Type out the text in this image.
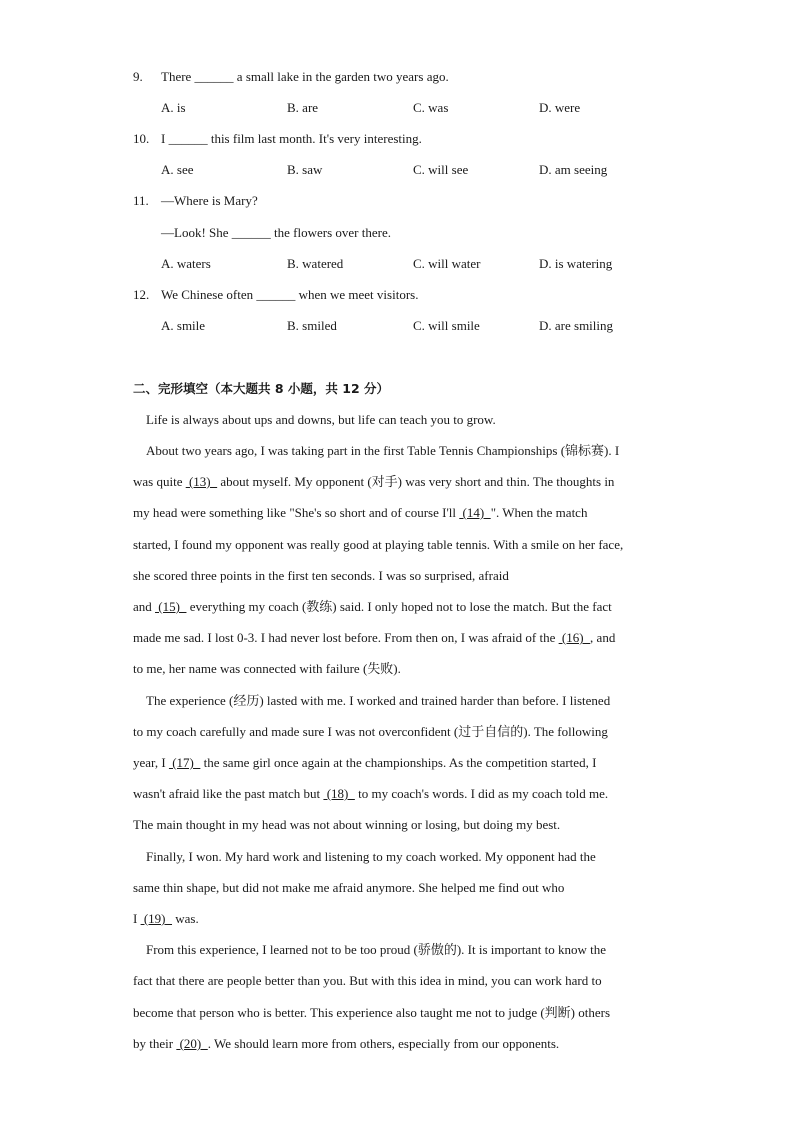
9.	There ______ a small lake in the garden two years ago.
A. is	B. are	C. was	D. were
10. I ______ this film last month. It's very interesting.
A. see	B. saw	C. will see	D. am seeing
11. —Where is Mary?
—Look! She ______ the flowers over there.
A. waters	B. watered	C. will water	D. is watering
12. We Chinese often ______ when we meet visitors.
A. smile	B. smiled	C. will smile	D. are smiling
二、完形填空（本大题共 8 小题，共 12 分）
Life is always about ups and downs, but life can teach you to grow.
About two years ago, I was taking part in the first Table Tennis Championships (锦标赛). I
was quite  (13)   about myself. My opponent (对手) was very short and thin. The thoughts in
my head were something like "She's so short and of course I'll  (14)  ". When the match
started, I found my opponent was really good at playing table tennis. With a smile on her face,
she scored three points in the first ten seconds. I was so surprised, afraid
and  (15)   everything my coach (教练) said. I only hoped not to lose the match. But the fact
made me sad. I lost 0-3. I had never lost before. From then on, I was afraid of the  (16)  , and
to me, her name was connected with failure (失败).
The experience (经历) lasted with me. I worked and trained harder than before. I listened
to my coach carefully and made sure I was not overconfident (过于自信的). The following
year, I  (17)   the same girl once again at the championships. As the competition started, I
wasn't afraid like the past match but  (18)   to my coach's words. I did as my coach told me.
The main thought in my head was not about winning or losing, but doing my best.
Finally, I won. My hard work and listening to my coach worked. My opponent had the
same thin shape, but did not make me afraid anymore. She helped me find out who
I  (19)   was.
From this experience, I learned not to be too proud (骄傲的). It is important to know the
fact that there are people better than you. But with this idea in mind, you can work hard to
become that person who is better. This experience also taught me not to judge (判断) others
by their  (20)  . We should learn more from others, especially from our opponents.
